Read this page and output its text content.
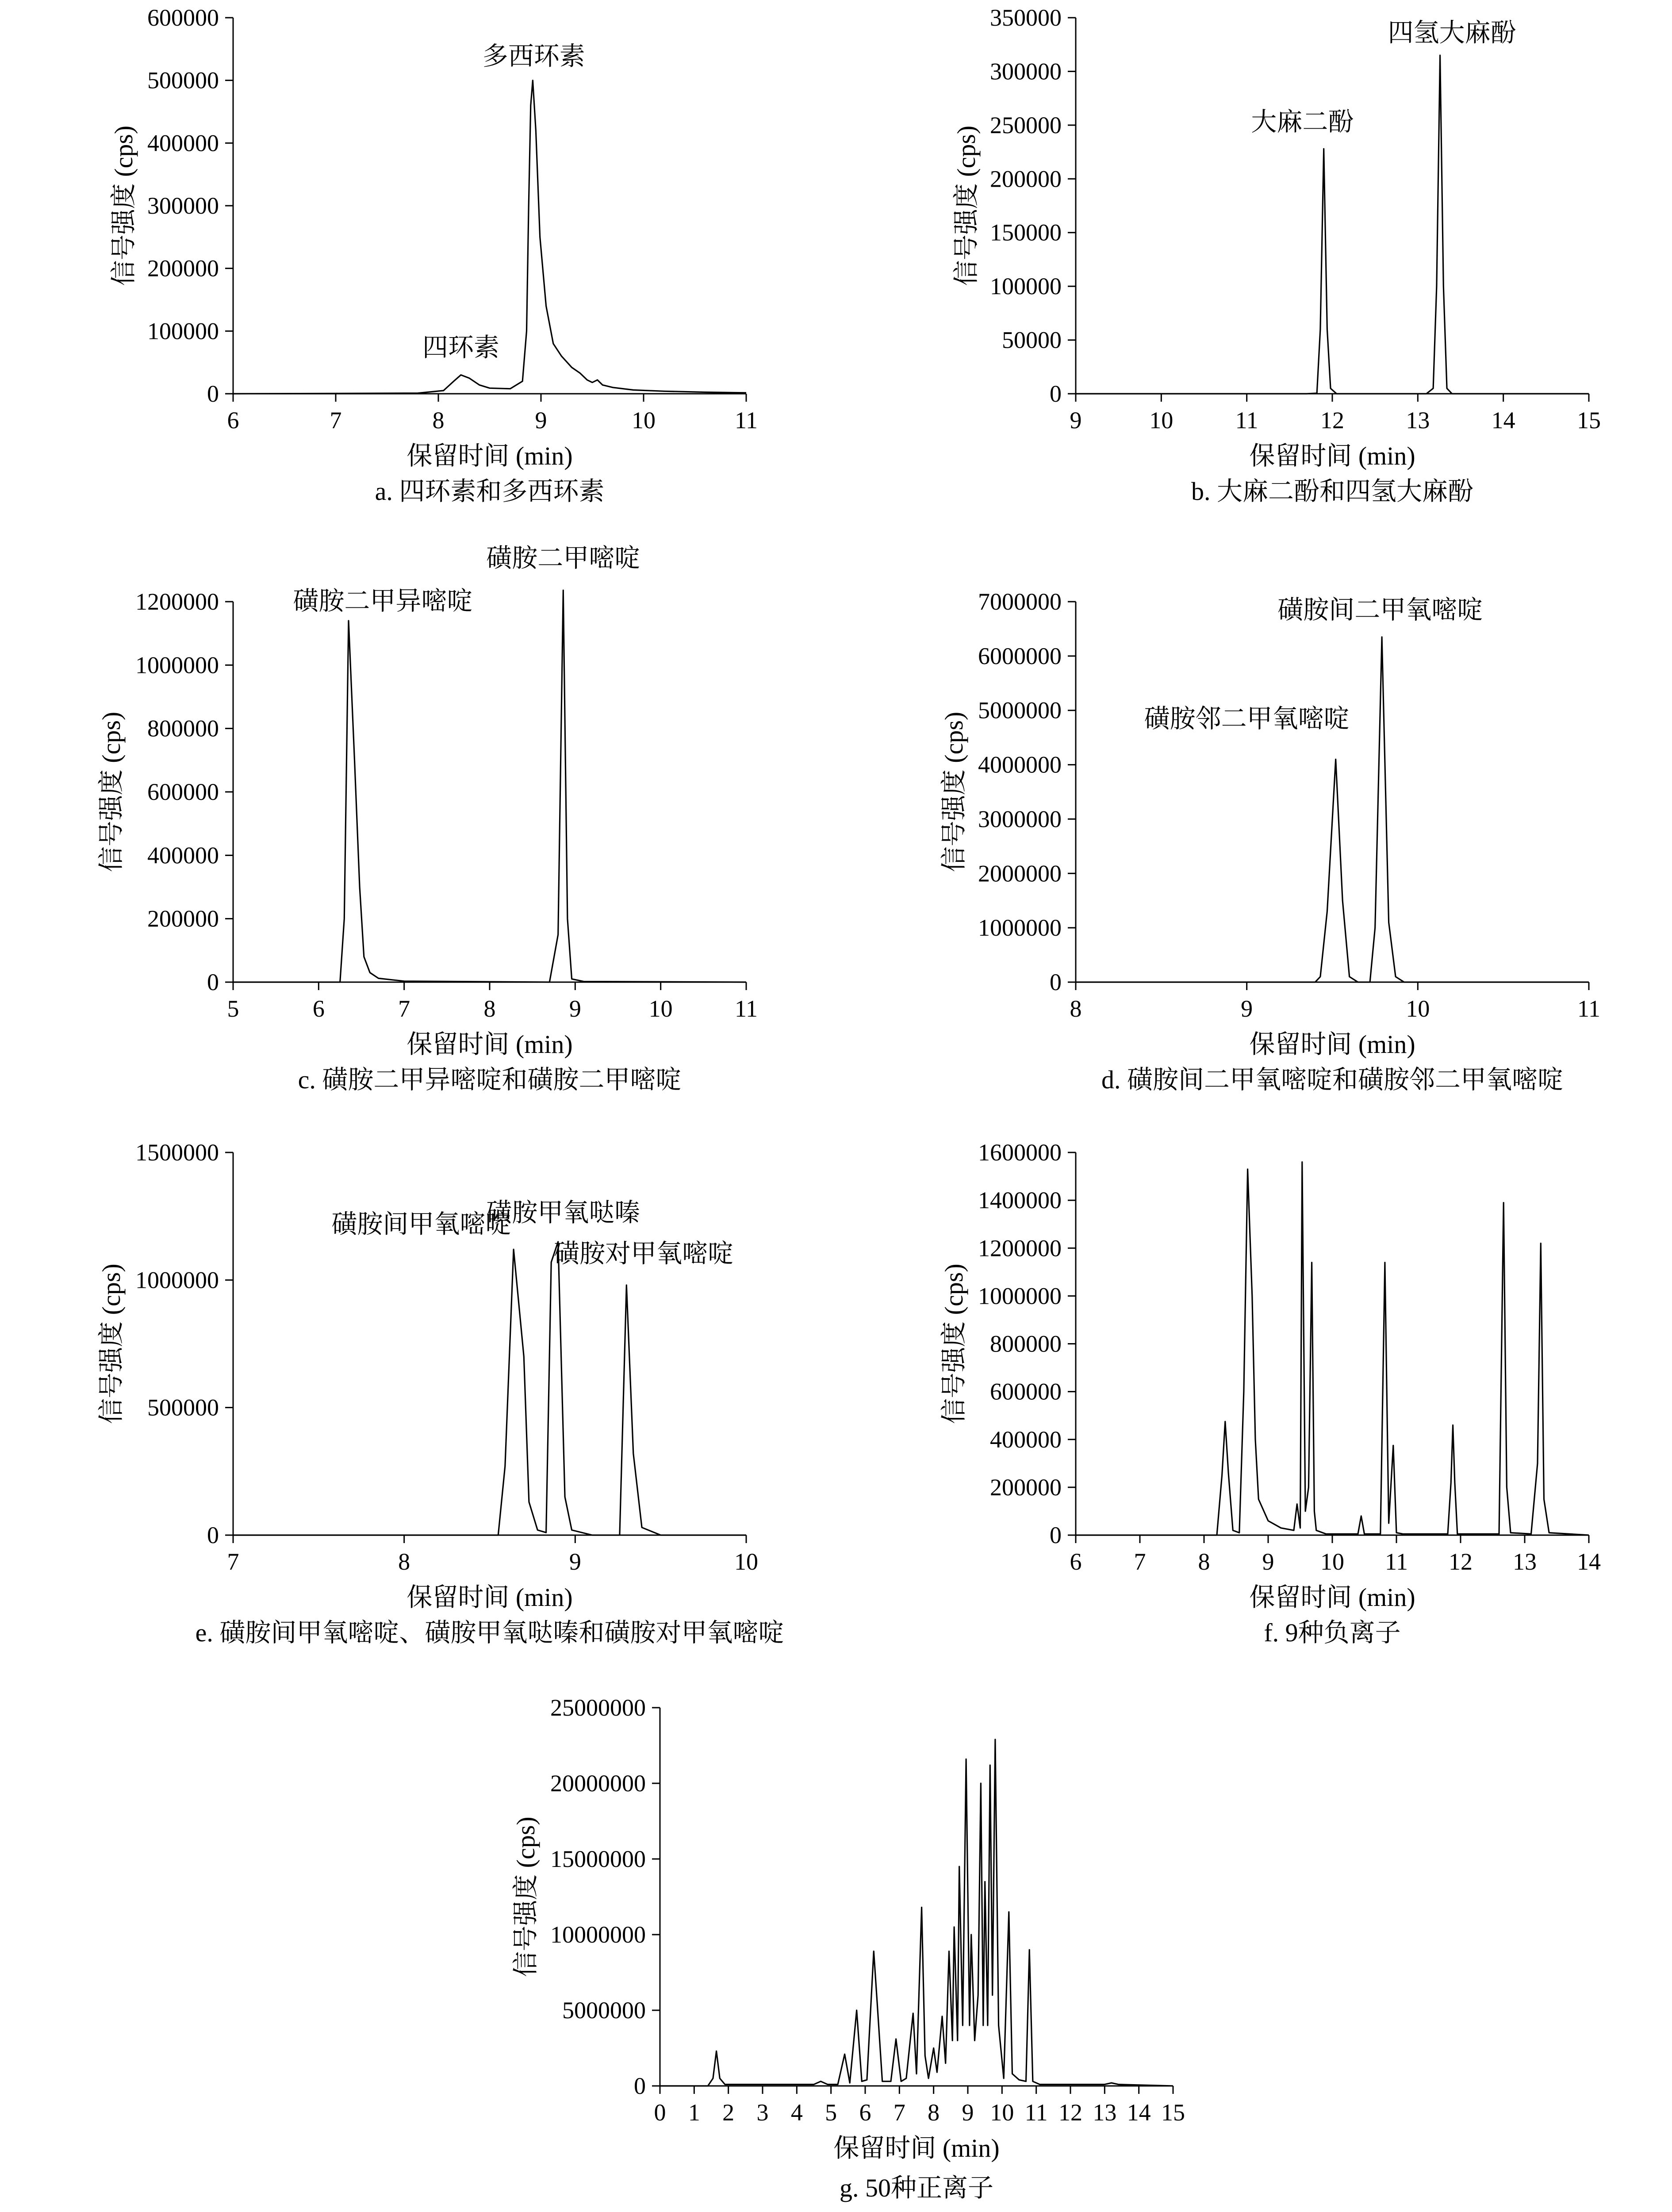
6	7	8	9	10	11
0
100000
200000
300000
400000
500000
600000
保留时间 (min)
信号强度 (cps)
多西环素
四环素
a. 四环素和多西环素
9	10	11	12	13	14	15
0
50000
100000
150000
200000
250000
300000
350000
保留时间 (min)
信号强度 (cps)
四氢大麻酚
大麻二酚
b. 大麻二酚和四氢大麻酚
5	6	7	8	9	10	11
0
200000
400000
600000
800000
1000000
1200000
保留时间 (min)
信号强度 (cps)
磺胺二甲嘧啶
磺胺二甲异嘧啶
c. 磺胺二甲异嘧啶和磺胺二甲嘧啶
8	9	10	11
0
1000000
2000000
3000000
4000000
5000000
6000000
7000000
保留时间 (min)
信号强度 (cps)
磺胺间二甲氧嘧啶
磺胺邻二甲氧嘧啶
d. 磺胺间二甲氧嘧啶和磺胺邻二甲氧嘧啶
7	8	9	10
0
500000
1000000
1500000
保留时间 (min)
信号强度 (cps)
磺胺间甲氧嘧啶
磺胺甲氧哒嗪
磺胺对甲氧嘧啶
e. 磺胺间甲氧嘧啶、磺胺甲氧哒嗪和磺胺对甲氧嘧啶
6 7 8 9 10 11 12 13 14
0
200000
400000
600000
800000
1000000
1200000
1400000
1600000
保留时间 (min)
信号强度 (cps)
f. 9种负离子
0 1 2 3 4 5 6 7 8 9 10 11 12 13 14 15
0
5000000
10000000
15000000
20000000
25000000
保留时间 (min)
信号强度 (cps)
g. 50种正离子
